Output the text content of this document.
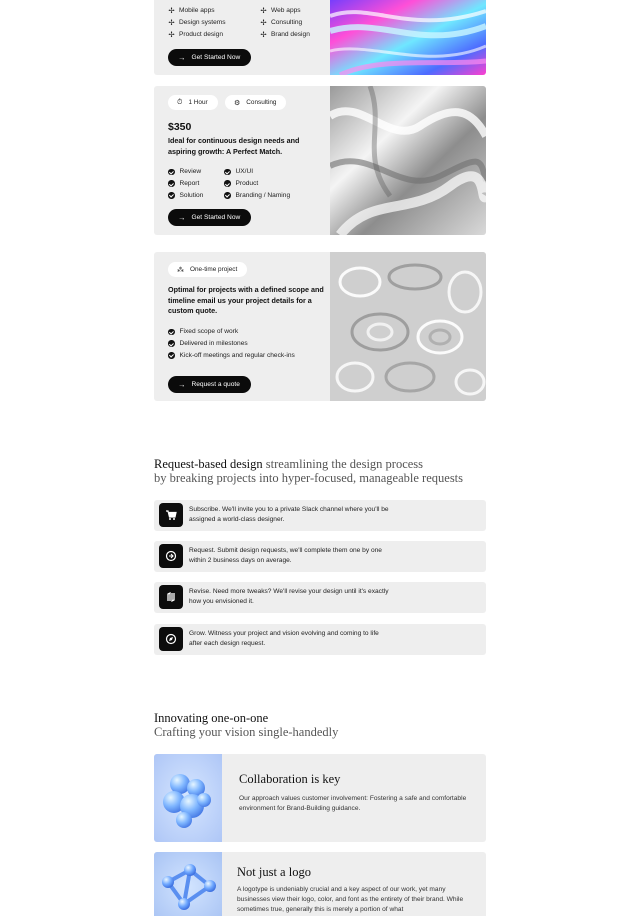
✢ Mobile apps
✢ Design systems
✢ Product design
✢ Web apps
✢ Consulting
✢ Brand design
→ Get Started Now
⏱ 1 Hour	⚙ Consulting
$350
Ideal for continuous design needs and aspiring growth: A Perfect Match.
Review
Report
Solution
UX/UI
Product
Branding / Naming
→ Get Started Now
⁂ One-time project
Optimal for projects with a defined scope and timeline email us your project details for a custom quote.
Fixed scope of work
Delivered in milestones
Kick-off meetings and regular check-ins
→ Request a quote
Request-based design streamlining the design process
by breaking projects into hyper-focused, manageable requests
Subscribe. We'll invite you to a private Slack channel where you'll be assigned a world-class designer.
Request. Submit design requests, we'll complete them one by one within 2 business days on average.
Revise. Need more tweaks? We'll revise your design until it's exactly how you envisioned it.
Grow. Witness your project and vision evolving and coming to life after each design request.
Innovating one-on-one
Crafting your vision single-handedly
Collaboration is key

Our approach values customer involvement: Fostering a safe and comfortable environment for Brand-Building guidance.

Not just a logo

A logotype is undeniably crucial and a key aspect of our work, yet many businesses view their logo, color, and font as the entirety of their brand. While sometimes true, generally this is merely a portion of what
